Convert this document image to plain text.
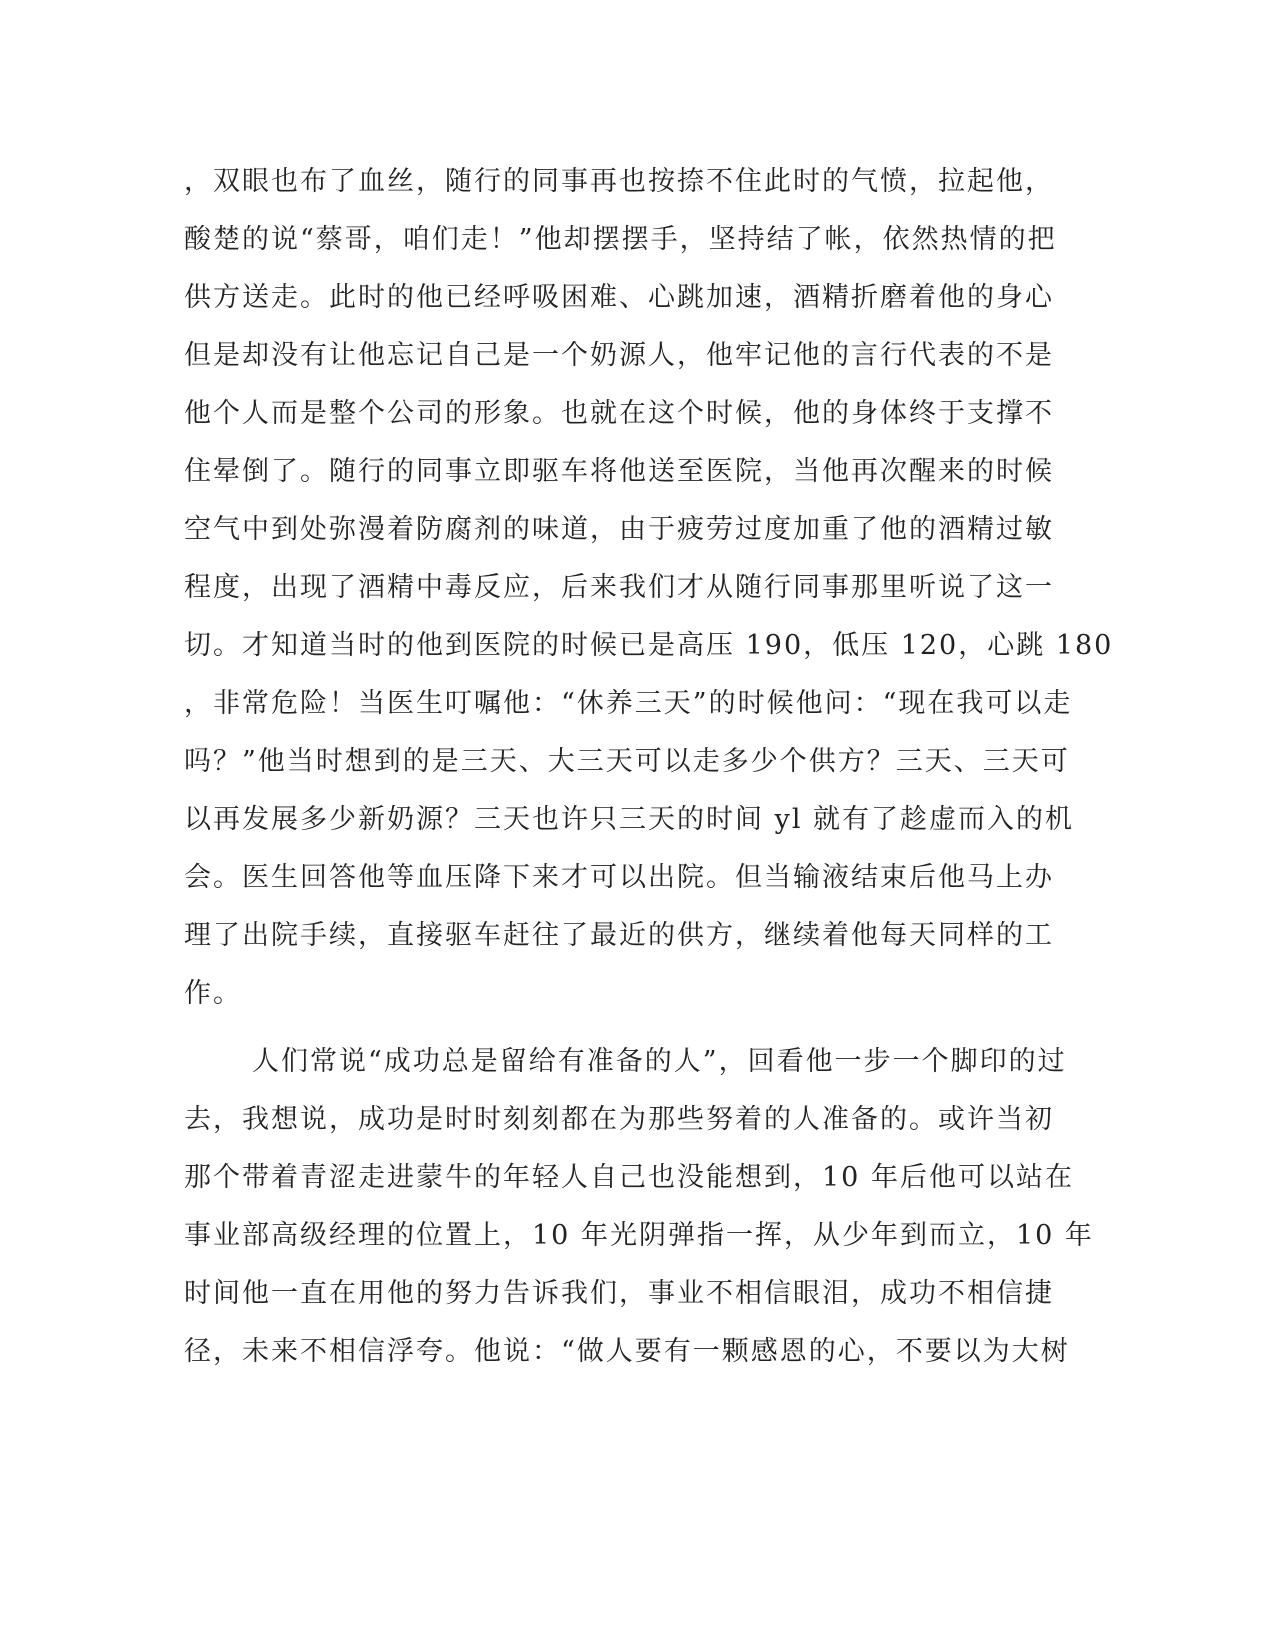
，双眼也布了血丝，随行的同事再也按捺不住此时的气愤，拉起他，
酸楚的说“蔡哥，咱们走！”他却摆摆手，坚持结了帐，依然热情的把
供方送走。此时的他已经呼吸困难、心跳加速，酒精折磨着他的身心
但是却没有让他忘记自己是一个奶源人，他牢记他的言行代表的不是
他个人而是整个公司的形象。也就在这个时候，他的身体终于支撑不
住晕倒了。随行的同事立即驱车将他送至医院，当他再次醒来的时候
空气中到处弥漫着防腐剂的味道，由于疲劳过度加重了他的酒精过敏
程度，出现了酒精中毒反应，后来我们才从随行同事那里听说了这一
切。才知道当时的他到医院的时候已是高压 190，低压 120，心跳 180
，非常危险！当医生叮嘱他：“休养三天”的时候他问：“现在我可以走
吗？”他当时想到的是三天、大三天可以走多少个供方？三天、三天可
以再发展多少新奶源？三天也许只三天的时间 yl 就有了趁虚而入的机
会。医生回答他等血压降下来才可以出院。但当输液结束后他马上办
理了出院手续，直接驱车赶往了最近的供方，继续着他每天同样的工
作。
人们常说“成功总是留给有准备的人”，回看他一步一个脚印的过
去，我想说，成功是时时刻刻都在为那些努着的人准备的。或许当初
那个带着青涩走进蒙牛的年轻人自己也没能想到，10 年后他可以站在
事业部高级经理的位置上，10 年光阴弹指一挥，从少年到而立，10 年
时间他一直在用他的努力告诉我们，事业不相信眼泪，成功不相信捷
径，未来不相信浮夸。他说：“做人要有一颗感恩的心，不要以为大树
